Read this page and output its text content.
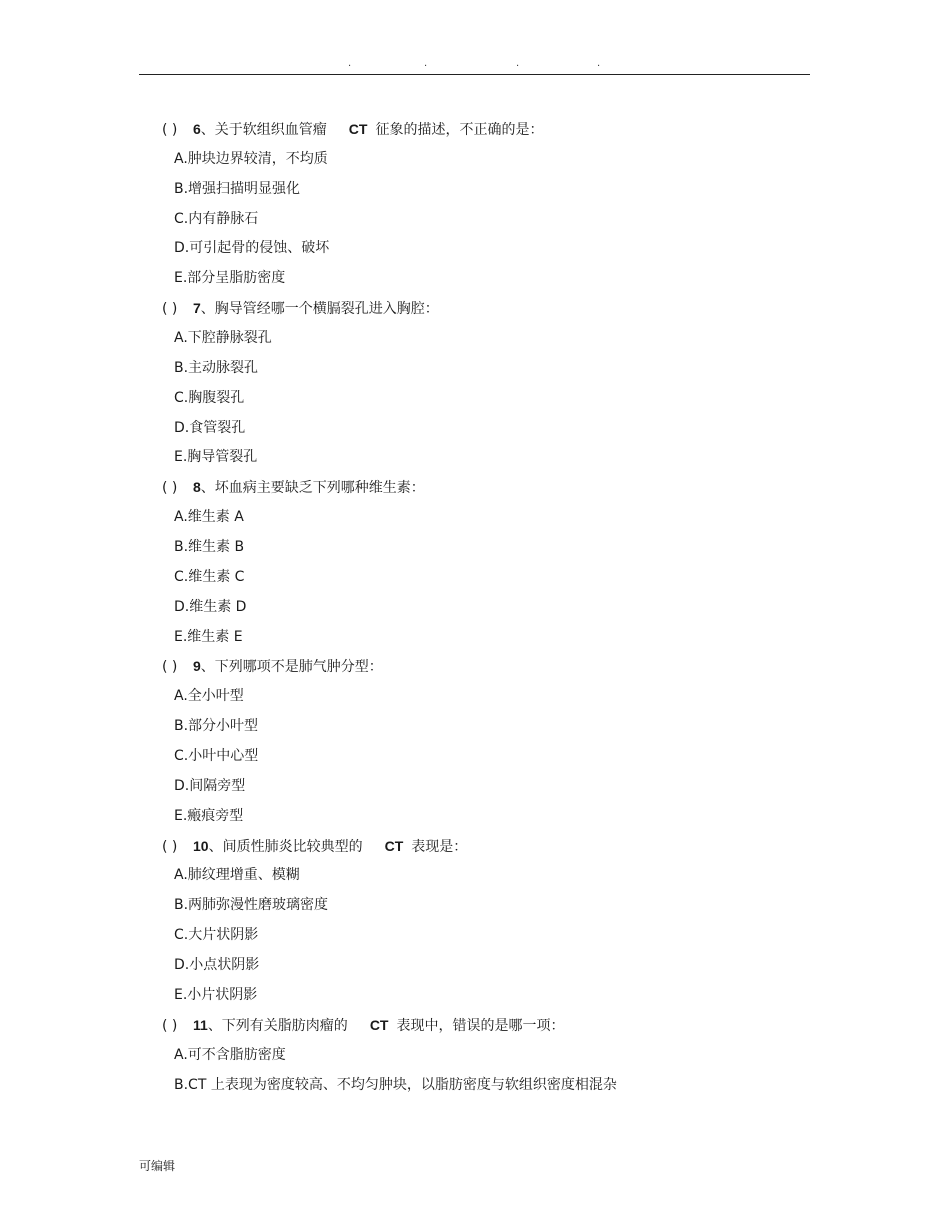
.	.	.	.
( ) 6、关于软组织血管瘤 CT 征象的描述，不正确的是：
A.肿块边界较清，不均质
B.增强扫描明显强化
C.内有静脉石
D.可引起骨的侵蚀、破坏
E.部分呈脂肪密度
( ) 7、胸导管经哪一个横膈裂孔进入胸腔：
A.下腔静脉裂孔
B.主动脉裂孔
C.胸腹裂孔
D.食管裂孔
E.胸导管裂孔
( ) 8、坏血病主要缺乏下列哪种维生素：
A.维生素 A
B.维生素 B
C.维生素 C
D.维生素 D
E.维生素 E
( ) 9、下列哪项不是肺气肿分型：
A.全小叶型
B.部分小叶型
C.小叶中心型
D.间隔旁型
E.瘢痕旁型
( ) 10、间质性肺炎比较典型的 CT 表现是：
A.肺纹理增重、模糊
B.两肺弥漫性磨玻璃密度
C.大片状阴影
D.小点状阴影
E.小片状阴影
( ) 11、下列有关脂肪肉瘤的 CT 表现中，错误的是哪一项：
A.可不含脂肪密度
B.CT 上表现为密度较高、不均匀肿块，以脂肪密度与软组织密度相混杂
可编辑
